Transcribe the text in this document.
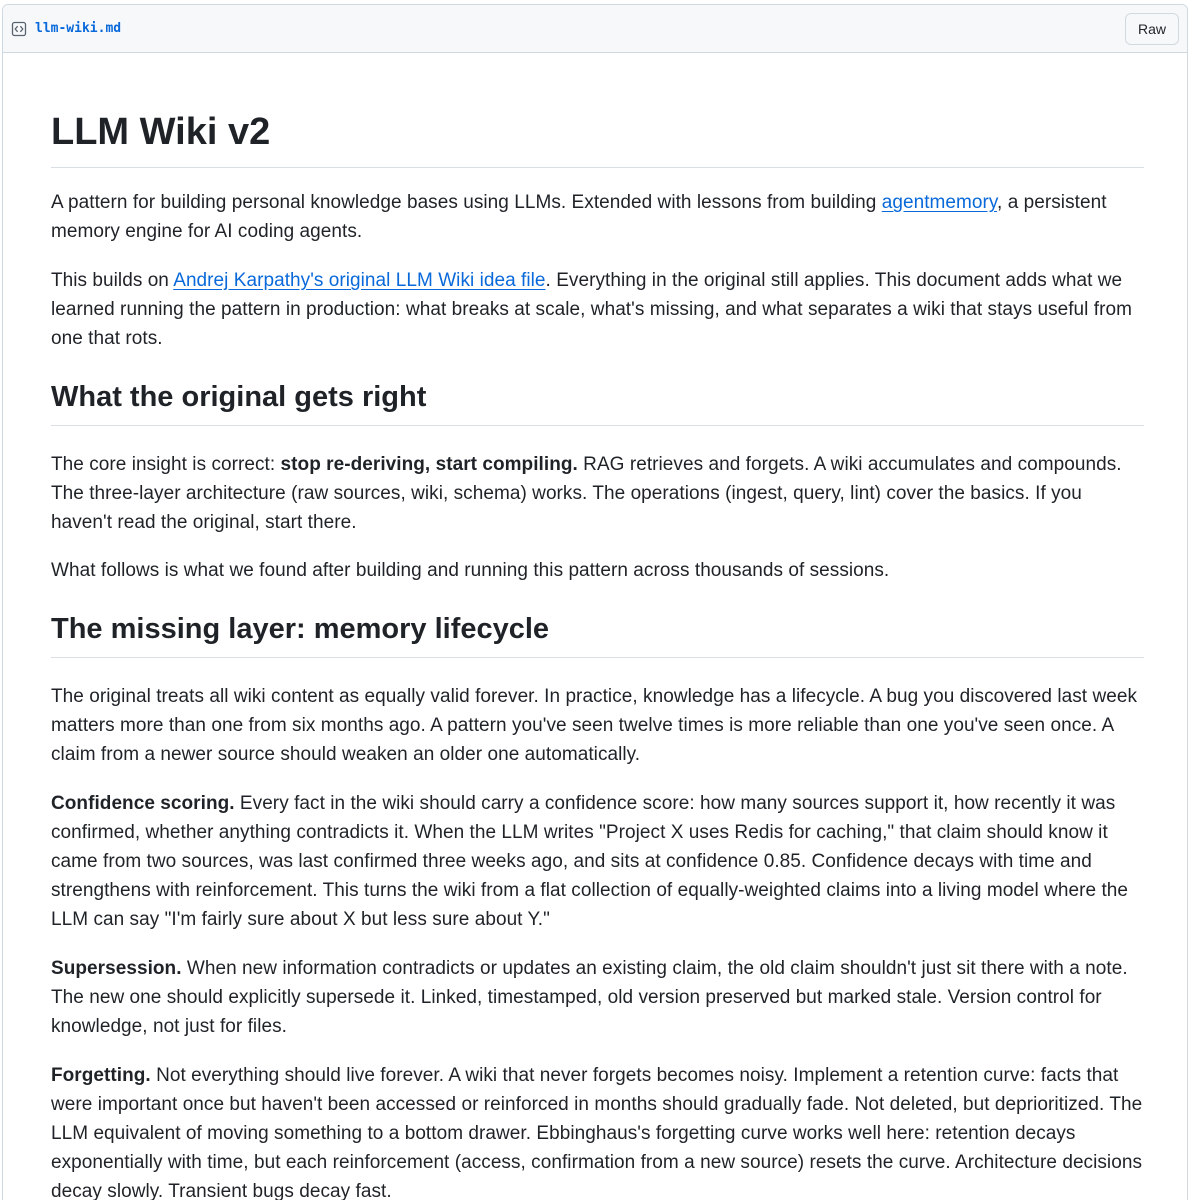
llm-wiki.md	Raw
LLM Wiki v2

A pattern for building personal knowledge bases using LLMs. Extended with lessons from building agentmemory, a persistent memory engine for AI coding agents.

This builds on Andrej Karpathy's original LLM Wiki idea file. Everything in the original still applies. This document adds what we learned running the pattern in production: what breaks at scale, what's missing, and what separates a wiki that stays useful from one that rots.

What the original gets right

The core insight is correct: stop re-deriving, start compiling. RAG retrieves and forgets. A wiki accumulates and compounds. The three-layer architecture (raw sources, wiki, schema) works. The operations (ingest, query, lint) cover the basics. If you haven't read the original, start there.

What follows is what we found after building and running this pattern across thousands of sessions.

The missing layer: memory lifecycle

The original treats all wiki content as equally valid forever. In practice, knowledge has a lifecycle. A bug you discovered last week matters more than one from six months ago. A pattern you've seen twelve times is more reliable than one you've seen once. A claim from a newer source should weaken an older one automatically.

Confidence scoring. Every fact in the wiki should carry a confidence score: how many sources support it, how recently it was confirmed, whether anything contradicts it. When the LLM writes "Project X uses Redis for caching," that claim should know it came from two sources, was last confirmed three weeks ago, and sits at confidence 0.85. Confidence decays with time and strengthens with reinforcement. This turns the wiki from a flat collection of equally-weighted claims into a living model where the LLM can say "I'm fairly sure about X but less sure about Y."

Supersession. When new information contradicts or updates an existing claim, the old claim shouldn't just sit there with a note. The new one should explicitly supersede it. Linked, timestamped, old version preserved but marked stale. Version control for knowledge, not just for files.

Forgetting. Not everything should live forever. A wiki that never forgets becomes noisy. Implement a retention curve: facts that were important once but haven't been accessed or reinforced in months should gradually fade. Not deleted, but deprioritized. The LLM equivalent of moving something to a bottom drawer. Ebbinghaus's forgetting curve works well here: retention decays exponentially with time, but each reinforcement (access, confirmation from a new source) resets the curve. Architecture decisions decay slowly. Transient bugs decay fast.
